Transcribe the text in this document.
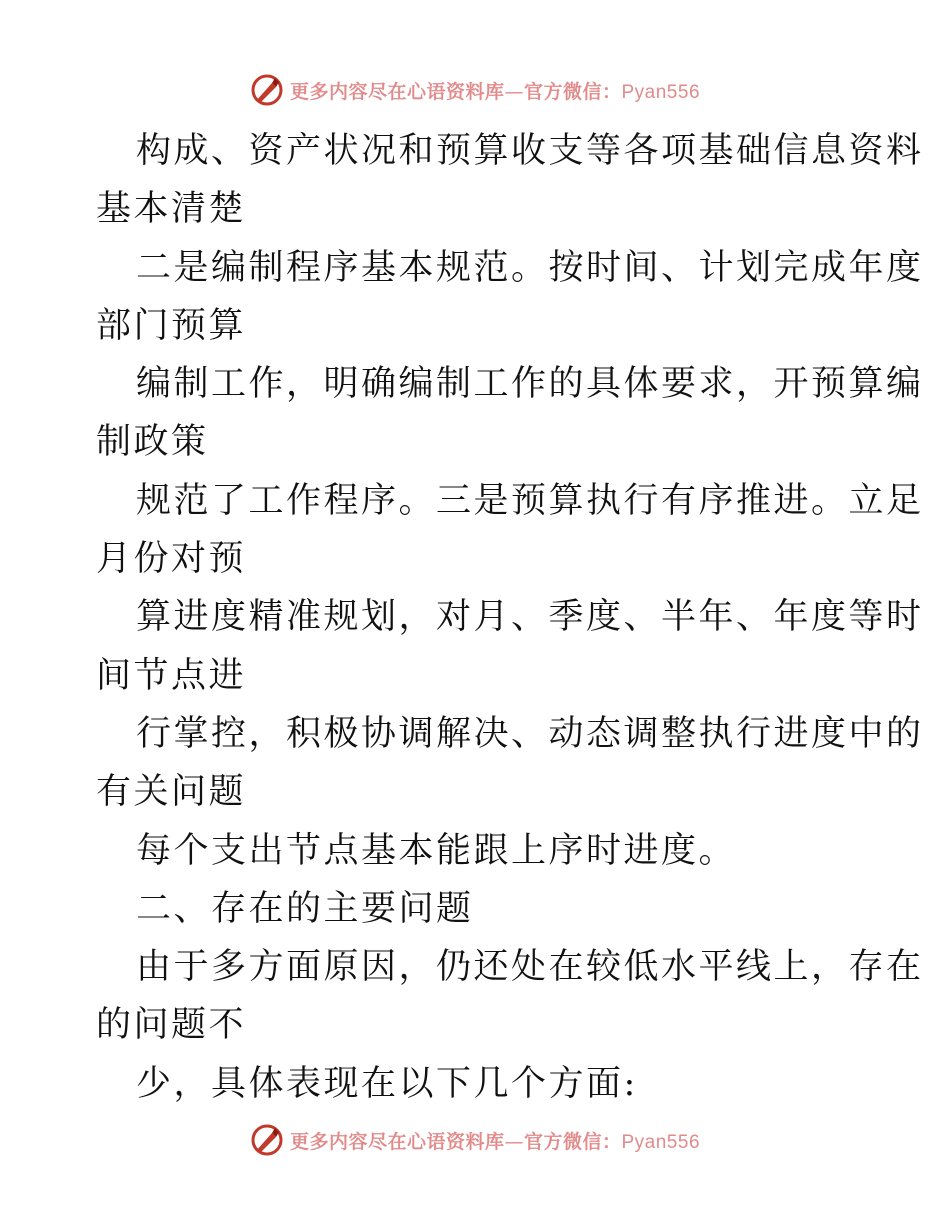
更多内容尽在心语资料库—官方微信：Pyan556
构成、资产状况和预算收支等各项基础信息资料
基本清楚
二是编制程序基本规范。按时间、计划完成年度
部门预算
编制工作，明确编制工作的具体要求，开预算编
制政策
规范了工作程序。三是预算执行有序推进。立足
月份对预
算进度精准规划，对月、季度、半年、年度等时
间节点进
行掌控，积极协调解决、动态调整执行进度中的
有关问题
每个支出节点基本能跟上序时进度。
二、存在的主要问题
由于多方面原因，仍还处在较低水平线上，存在
的问题不
少，具体表现在以下几个方面:
更多内容尽在心语资料库—官方微信：Pyan556
